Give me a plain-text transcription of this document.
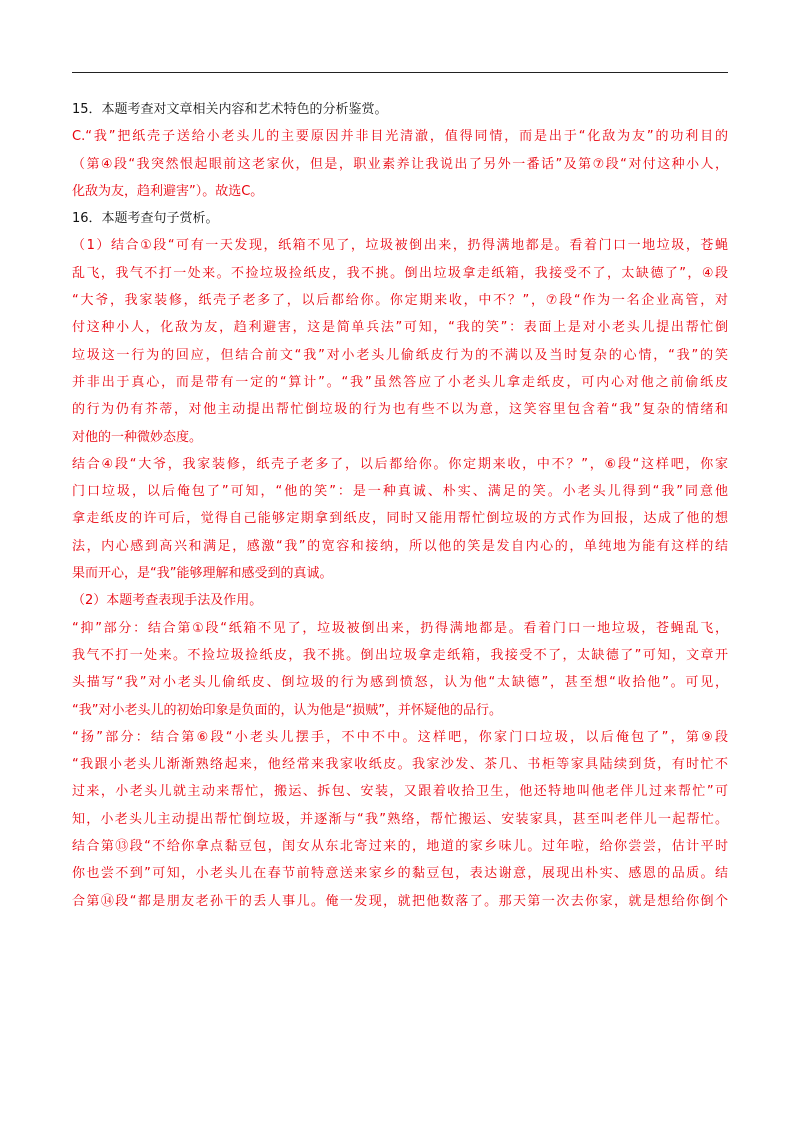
15．本题考查对文章相关内容和艺术特色的分析鉴赏。
C.“我”把纸壳子送给小老头儿的主要原因并非目光清澈，值得同情，而是出于“化敌为友”的功利目的
（第④段“我突然恨起眼前这老家伙，但是，职业素养让我说出了另外一番话”及第⑦段“对付这种小人，
化敌为友，趋利避害”）。故选C。
16．本题考查句子赏析。
（1）结合①段“可有一天发现，纸箱不见了，垃圾被倒出来，扔得满地都是。看着门口一地垃圾，苍蝇
乱飞，我气不打一处来。不捡垃圾捡纸皮，我不挑。倒出垃圾拿走纸箱，我接受不了，太缺德了”，④段
“大爷，我家装修，纸壳子老多了，以后都给你。你定期来收，中不？”，⑦段“作为一名企业高管，对
付这种小人，化敌为友，趋利避害，这是简单兵法”可知，“我的笑”：表面上是对小老头儿提出帮忙倒
垃圾这一行为的回应，但结合前文“我”对小老头儿偷纸皮行为的不满以及当时复杂的心情，“我”的笑
并非出于真心，而是带有一定的“算计”。“我”虽然答应了小老头儿拿走纸皮，可内心对他之前偷纸皮
的行为仍有芥蒂，对他主动提出帮忙倒垃圾的行为也有些不以为意，这笑容里包含着“我”复杂的情绪和
对他的一种微妙态度。
结合④段“大爷，我家装修，纸壳子老多了，以后都给你。你定期来收，中不？”，⑥段“这样吧，你家
门口垃圾，以后俺包了”可知，“他的笑”：是一种真诚、朴实、满足的笑。小老头儿得到“我”同意他
拿走纸皮的许可后，觉得自己能够定期拿到纸皮，同时又能用帮忙倒垃圾的方式作为回报，达成了他的想
法，内心感到高兴和满足，感激“我”的宽容和接纳，所以他的笑是发自内心的，单纯地为能有这样的结
果而开心，是“我”能够理解和感受到的真诚。
（2）本题考查表现手法及作用。
“抑”部分：结合第①段“纸箱不见了，垃圾被倒出来，扔得满地都是。看着门口一地垃圾，苍蝇乱飞，
我气不打一处来。不捡垃圾捡纸皮，我不挑。倒出垃圾拿走纸箱，我接受不了，太缺德了”可知，文章开
头描写“我”对小老头儿偷纸皮、倒垃圾的行为感到愤怒，认为他“太缺德”，甚至想“收拾他”。可见，
“我”对小老头儿的初始印象是负面的，认为他是“损贼”，并怀疑他的品行。
“扬”部分：结合第⑥段“小老头儿摆手，不中不中。这样吧，你家门口垃圾，以后俺包了”，第⑨段
“我跟小老头儿渐渐熟络起来，他经常来我家收纸皮。我家沙发、茶几、书柜等家具陆续到货，有时忙不
过来，小老头儿就主动来帮忙，搬运、拆包、安装，又跟着收拾卫生，他还特地叫他老伴儿过来帮忙”可
知，小老头儿主动提出帮忙倒垃圾，并逐渐与“我”熟络，帮忙搬运、安装家具，甚至叫老伴儿一起帮忙。
结合第⑬段“不给你拿点黏豆包，闺女从东北寄过来的，地道的家乡味儿。过年啦，给你尝尝，估计平时
你也尝不到”可知，小老头儿在春节前特意送来家乡的黏豆包，表达谢意，展现出朴实、感恩的品质。结
合第⑭段“都是朋友老孙干的丢人事儿。俺一发现，就把他数落了。那天第一次去你家，就是想给你倒个
